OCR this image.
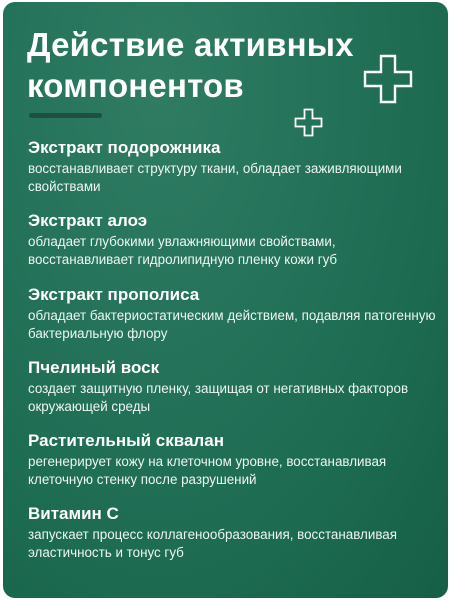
Действие активных компонентов
Экстракт подорожника
восстанавливает структуру ткани, обладает заживляющими свойствами
Экстракт алоэ
обладает глубокими увлажняющими свойствами, восстанавливает гидролипидную пленку кожи губ
Экстракт прополиса
обладает бактериостатическим действием, подавляя патогенную бактериальную флору
Пчелиный воск
создает защитную пленку, защищая от негативных факторов окружающей среды
Растительный сквалан
регенерирует кожу на клеточном уровне, восстанавливая клеточную стенку после разрушений
Витамин С
запускает процесс коллагенообразования, восстанавливая эластичность и тонус губ
